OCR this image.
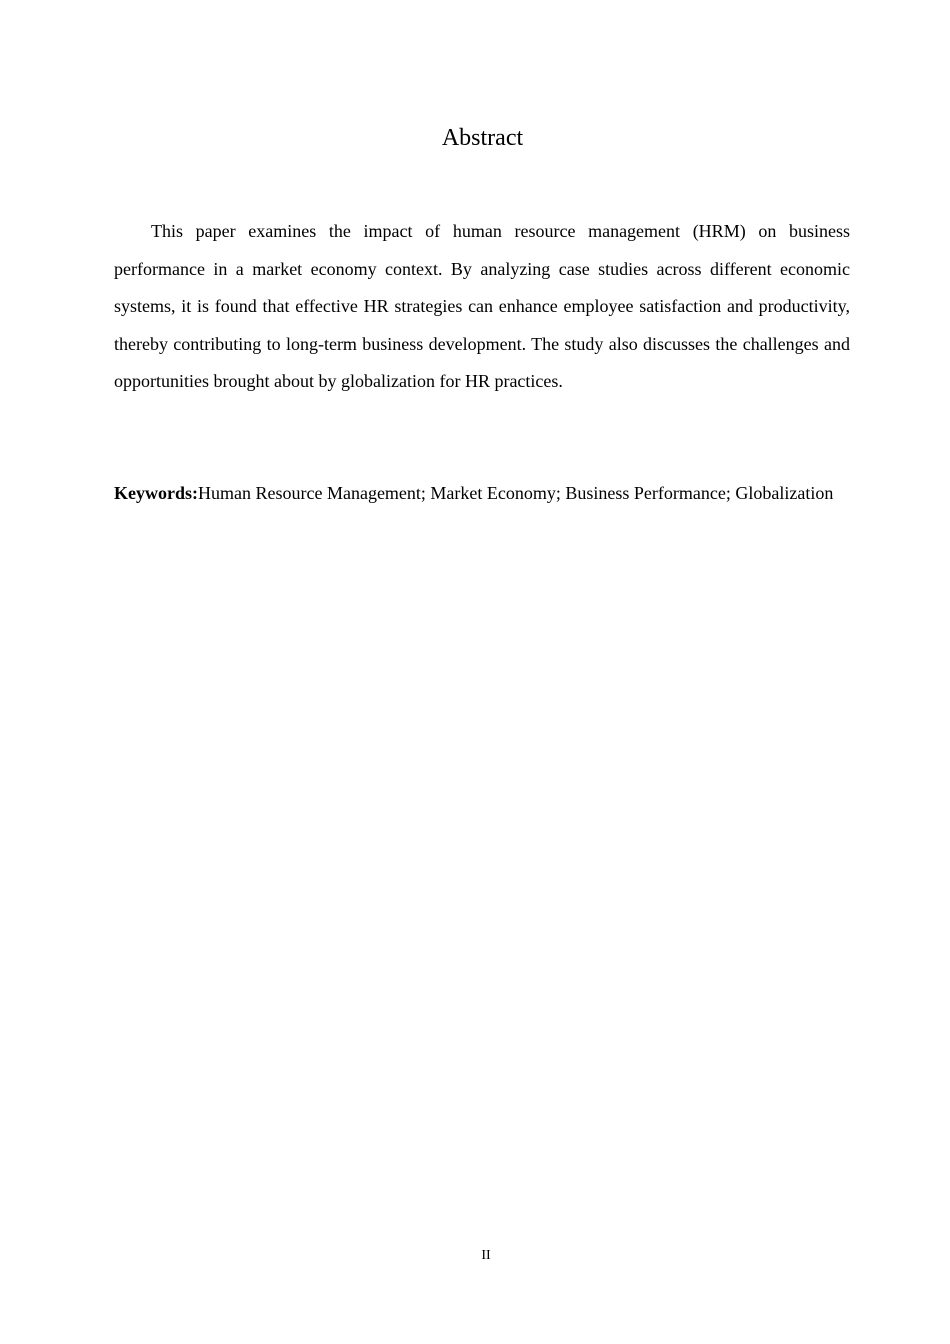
Abstract

This paper examines the impact of human resource management (HRM) on business performance in a market economy context. By analyzing case studies across different economic systems, it is found that effective HR strategies can enhance employee satisfaction and productivity, thereby contributing to long-term business development. The study also discusses the challenges and opportunities brought about by globalization for HR practices.

Keywords:Human Resource Management; Market Economy; Business Performance; Globalization

II
